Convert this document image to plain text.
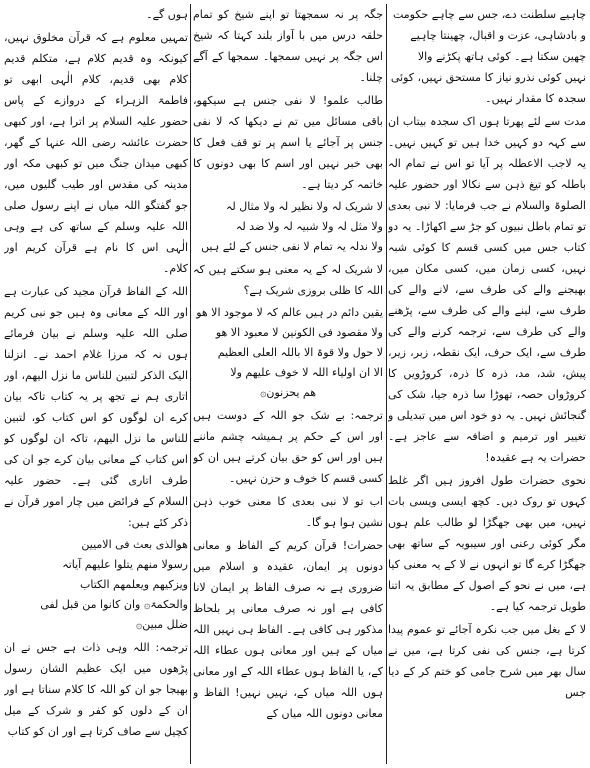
چاہیے سلطنت دے، جس سے چاہے حکومت
و بادشاہی، عزت و اقبال، چھینتا چاہیے
چھین سکتا ہے۔ کوئی ہاتھ پکڑنے والا
نہیں کوئی نذرو نیاز کا مستحق نہیں، کوئی
سجدہ کا مقدار نہیں۔
مدت سے لئے پھرتا ہوں اک سجدہ بیتاب ان سے کہہ دو کہیں خدا ہیں تو کہیں نہیں۔ یہ لاجب الاعطلہ پر آیا تو اس نے تمام الہ باطلہ کو تیغ ذہن سے نکالا اور حضور علیہ الصلوۃ والسلام نے جب فرمایا: لا نبی بعدی تو تمام باطل نبیوں کو جڑ سے اکھاڑا۔ یہ دو کتاب جس میں کسی قسم کا کوئی شبہ نہیں، کسی زمان میں، کسی مکان میں، بھیجنے والے کی طرف سے، لانے والے کی طرف سے، لینے والے کی طرف سے، پڑھنے والے کی طرف سے، ترجمہ کرنے والے کی طرف سے، ایک حرف، ایک نقطہ، زبر، زیر، پیش، شد، مد، ذرہ کا ذرہ، کروڑویں کا کروڑواں حصہ، تھوڑا سا ذرہ جیا، شک کی گنجائش نہیں۔ یہ دو خود اس میں تبدیلی و تغییر اور ترمیم و اضافہ سے عاجز ہے۔ حضرات یہ ہے عقیدہ!
نحوی حضرات طول افروز ہیں اگر غلط کہوں تو روک دیں۔ کچھ ایسی ویسی بات نہیں، میں بھی جھگڑا لو طالب علم ہوں مگر کوئی رعنی اور سیبویہ کے ساتھ بھی جھگڑا کرے گا تو انہوں نے لا کے یہ معنی کیا ہے، میں نے نحو کے اصول کے مطابق یہ اتنا طویل ترجمہ کیا ہے۔
لا کے بغل میں جب نکرہ آجائے تو عموم پیدا کرتا ہے، جنس کی نفی کرتا ہے، میں نے سال بھر میں شرح جامی کو ختم کر کے دیا جس
جگہ پر نہ سمجھتا تو اپنے شیخ کو تمام حلقہ درس میں با آواز بلند کہتا کہ شیخ اس جگہ پر نہیں سمجھا۔ سمجھا کے آگے چلنا۔
طالب علمو! لا نفی جنس ہے سیکھو، باقی مسائل میں تم نے دیکھا کہ لا نفی جنس پر آجائے یا اسم پر تو قف فعل کا بھی خبر نہیں اور اسم کا بھی دونوں کا خاتمہ کر دیتا ہے۔
لا شریک لہ ولا نظیر لہ ولا مثال لہ
ولا مثل لہ ولا شبیہ لہ ولا ضد لہ
ولا ندلہ یہ تمام لا نفی جنس کے لئے ہیں
لا شریک لہ کے یہ معنی ہو سکتے ہیں کہ اللہ کا ظلی بروزی شریک ہے؟
یقین دائم در ہیں عالم کہ لا موجود الا ھو
ولا مقصود فی الکونین لا معبود الا ھو
لا حول ولا قوۃ الا باللہ العلی العظیم
الا ان اولیاء اللہ لا خوف علیھم ولا
ھم یحزنون۞
ترجمہ: بے شک جو اللہ کے دوست ہیں اور اس کے حکم پر ہمیشہ چشم ماننے ہیں اور اس کو حق بیان کرتے ہیں ان کو کسی قسم کا خوف و حزن نہیں۔
اب تو لا نبی بعدی کا معنی خوب ذہن نشین ہوا ہو گا۔
حضرات! قرآن کریم کے الفاظ و معانی دونوں پر ایمان، عقیدہ و اسلام میں ضروری ہے نہ صرف الفاظ پر ایمان لانا کافی ہے اور نہ صرف معانی پر بلحاظ مذکور ہی کافی ہے۔ الفاظ ہی نہیں اللہ میاں کے ہیں اور معانی ہوں عطاء اللہ کے، یا الفاظ ہوں عطاء اللہ کے اور معانی ہوں اللہ میاں کے، نہیں نہیں! الفاظ و معانی دونوں اللہ میاں کے
ہوں گے۔
تمہیں معلوم ہے کہ قرآن مخلوق نہیں، کیونکہ وہ قدیم کلام ہے، متکلم قدیم کلام بھی قدیم، کلام الٰہی ابھی تو فاطمۃ الزہراء کے دروازے کے پاس حضور علیہ السلام پر اترا ہے، اور کبھی حضرت عائشہ رضی اللہ عنہا کے گھر، کبھی میدان جنگ میں تو کبھی مکہ اور مدینہ کی مقدس اور طیب گلیوں میں، جو گفتگو اللہ میاں نے اپنے رسول صلی اللہ علیہ وسلم کے ساتھ کی ہے وہی الٰہی اس کا نام ہے قرآن کریم اور کلام۔
اللہ کے الفاظ قرآن مجید کی عبارت ہے اور اللہ کے معانی وہ ہیں جو نبی کریم صلی اللہ علیہ وسلم نے بیان فرمائے ہوں نہ کہ مرزا غلام احمد نے۔ انزلنا الیک الذکر لتبین للناس ما نزل الیھم، اور اتاری ہم نے تجھ پر یہ کتاب تاکہ بیان کرے ان لوگوں کو اس کتاب کو، لتبین للناس ما نزل الیھم، تاکہ ان لوگوں کو اس کتاب کے معانی بیان کرے جو ان کی طرف اتاری گئی ہے۔ حضور علیہ السلام کے فرائض میں چار امور قرآن نے ذکر کئے ہیں:
ھوالذی بعث فی الامیین
رسولا منھم یتلوا علیھم آیاتہ
ویزکیھم ویعلمھم الکتاب
والحکمۃ۞ وان کانوا من قبل لفی
ضلل مبین۞
ترجمہ: اللہ وہی ذات ہے جس نے ان پڑھوں میں ایک عظیم الشان رسول بھیجا جو ان کو اللہ کا کلام سناتا ہے اور ان کے دلوں کو کفر و شرک کے میل کچیل سے صاف کرتا ہے اور ان کو کتاب
